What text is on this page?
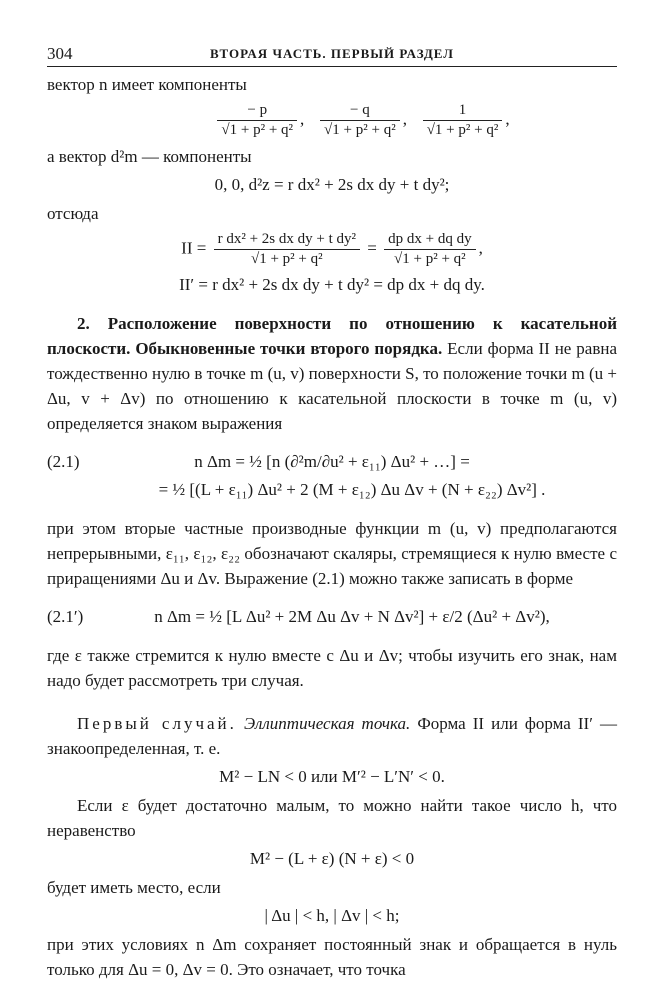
304	ВТОРАЯ ЧАСТЬ. ПЕРВЫЙ РАЗДЕЛ

вектор n имеет компоненты

$\frac{- p}{\text{√1 + p² + q²}}$ , $\frac{- q}{\text{√1 + p² + q²}}$ , $\frac{1}{\text{√1 + p² + q²}}$ ,

а вектор d²m — компоненты

0, 0, d²z = r dx² + 2s dx dy + t dy²;

отсюда

II = $\frac{\text{r dx² + 2s dx dy + t dy²}}{\text{√1 + p² + q²}} = \frac{\text{dp dx + dq dy}}{\text{√1 + p² + q²}}$ ,
II′ = r dx² + 2s dx dy + t dy² = dp dx + dq dy.

2. Расположение поверхности по отношению к касательной плоскости. Обыкновенные точки второго порядка. Если форма II не равна тождественно нулю в точке m (u, v) поверхности S, то положение точки m (u + Δu, v + Δv) по отношению к касательной плоскости в точке m (u, v) определяется знаком выражения

(2.1)	n Δm = ½ [n (∂²m/∂u² + ε₁₁) Δu² + …] =
= ½ [(L + ε₁₁) Δu² + 2 (M + ε₁₂) Δu Δv + (N + ε₂₂) Δv²] .

при этом вторые частные производные функции m (u, v) предполагаются непрерывными, ε₁₁, ε₁₂, ε₂₂ обозначают скаляры, стремящиеся к нулю вместе с приращениями Δu и Δv. Выражение (2.1) можно также записать в форме

(2.1′)	n Δm = ½ [L Δu² + 2M Δu Δv + N Δv²] + ε/2 (Δu² + Δv²),

где ε также стремится к нулю вместе с Δu и Δv; чтобы изучить его знак, нам надо будет рассмотреть три случая.

Первый случай. Эллиптическая точка. Форма II или форма II′ — знакоопределенная, т. е.

M² − LN < 0 или M′² − L′N′ < 0.

Если ε будет достаточно малым, то можно найти такое число h, что неравенство

M² − (L + ε) (N + ε) < 0

будет иметь место, если

| Δu | < h, | Δv | < h;

при этих условиях n Δm сохраняет постоянный знак и обращается в нуль только для Δu = 0, Δv = 0. Это означает, что точка
